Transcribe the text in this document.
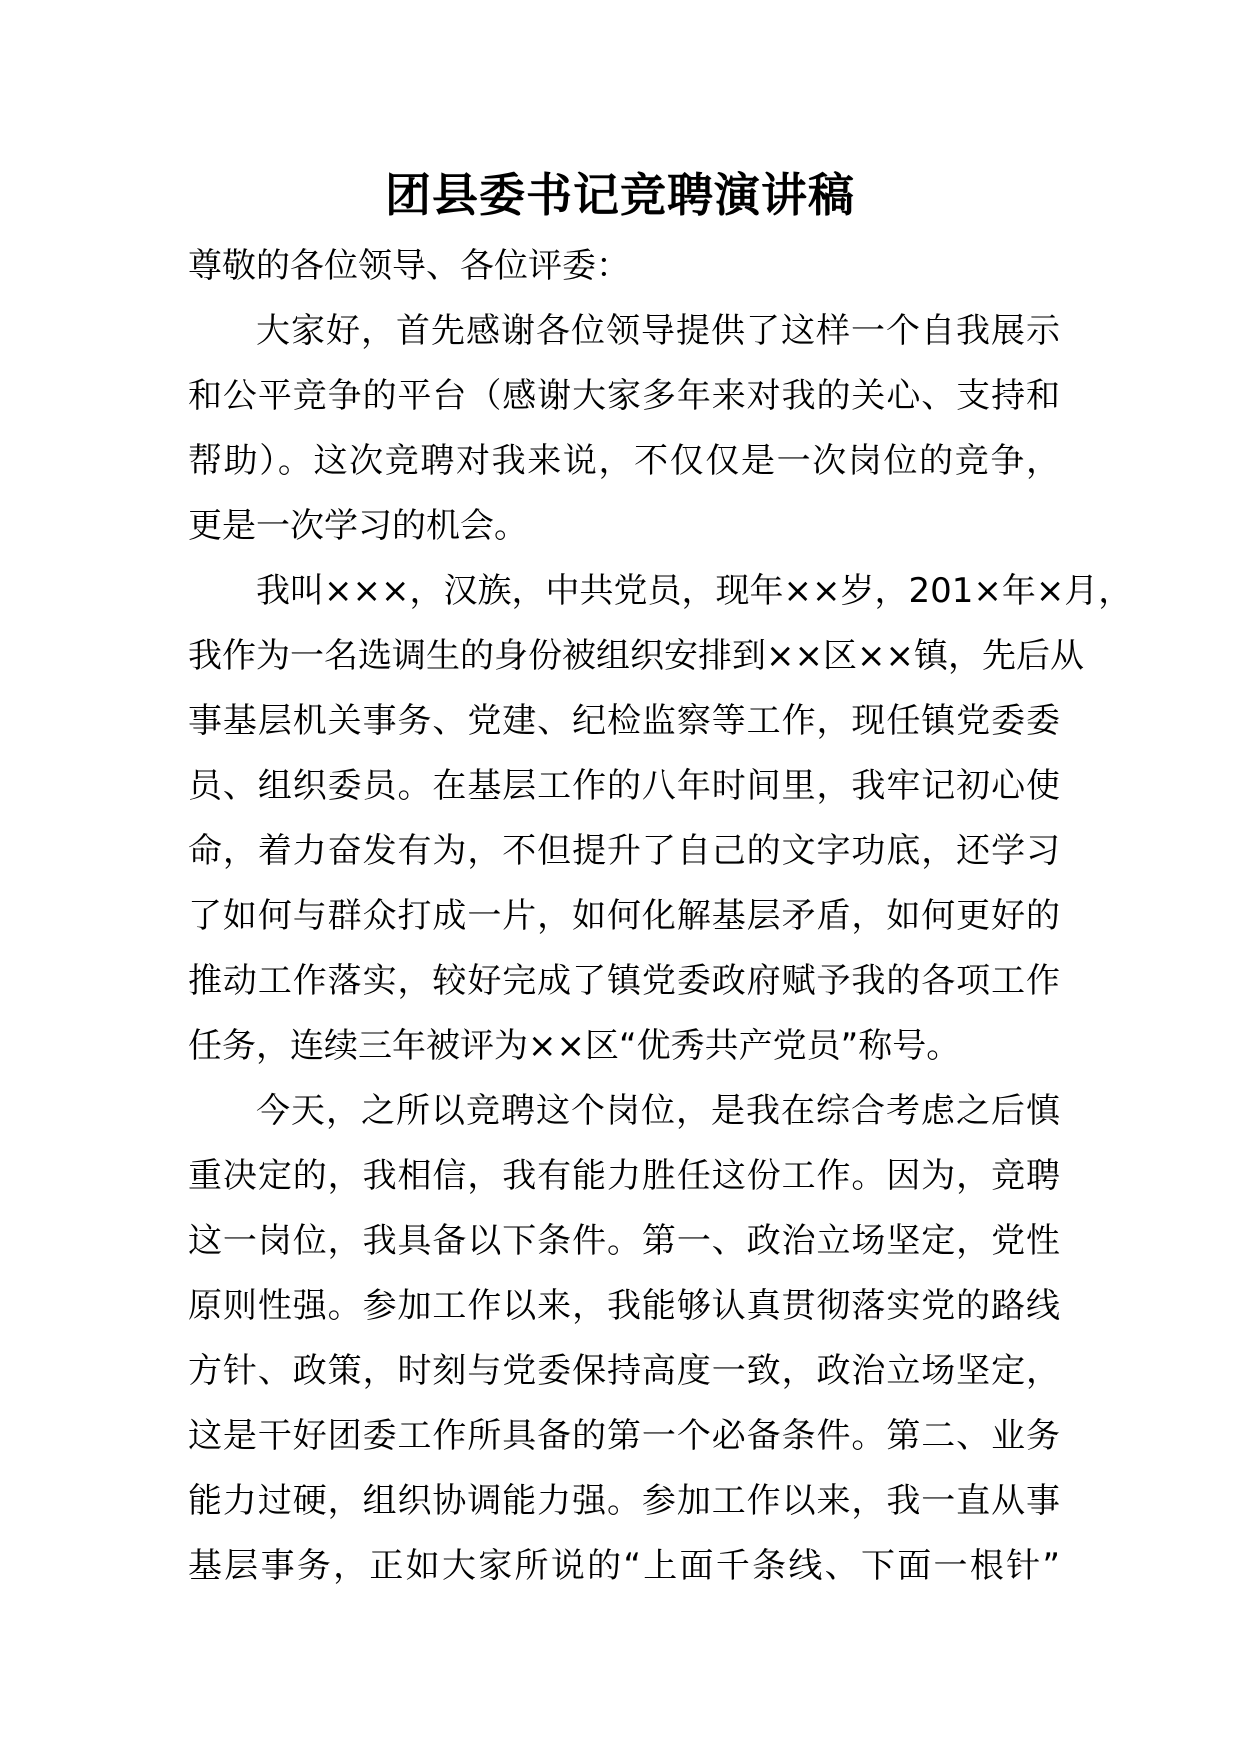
团县委书记竞聘演讲稿
尊敬的各位领导、各位评委：
大家好，首先感谢各位领导提供了这样一个自我展示
和公平竞争的平台（感谢大家多年来对我的关心、支持和
帮助）。这次竞聘对我来说，不仅仅是一次岗位的竞争，
更是一次学习的机会。
我叫×××，汉族，中共党员，现年××岁，201×年×月，
我作为一名选调生的身份被组织安排到××区××镇，先后从
事基层机关事务、党建、纪检监察等工作，现任镇党委委
员、组织委员。在基层工作的八年时间里，我牢记初心使
命，着力奋发有为，不但提升了自己的文字功底，还学习
了如何与群众打成一片，如何化解基层矛盾，如何更好的
推动工作落实，较好完成了镇党委政府赋予我的各项工作
任务，连续三年被评为××区“优秀共产党员”称号。
今天，之所以竞聘这个岗位，是我在综合考虑之后慎
重决定的，我相信，我有能力胜任这份工作。因为，竞聘
这一岗位，我具备以下条件。第一、政治立场坚定，党性
原则性强。参加工作以来，我能够认真贯彻落实党的路线
方针、政策，时刻与党委保持高度一致，政治立场坚定，
这是干好团委工作所具备的第一个必备条件。第二、业务
能力过硬，组织协调能力强。参加工作以来，我一直从事
基层事务，正如大家所说的“上面千条线、下面一根针”
